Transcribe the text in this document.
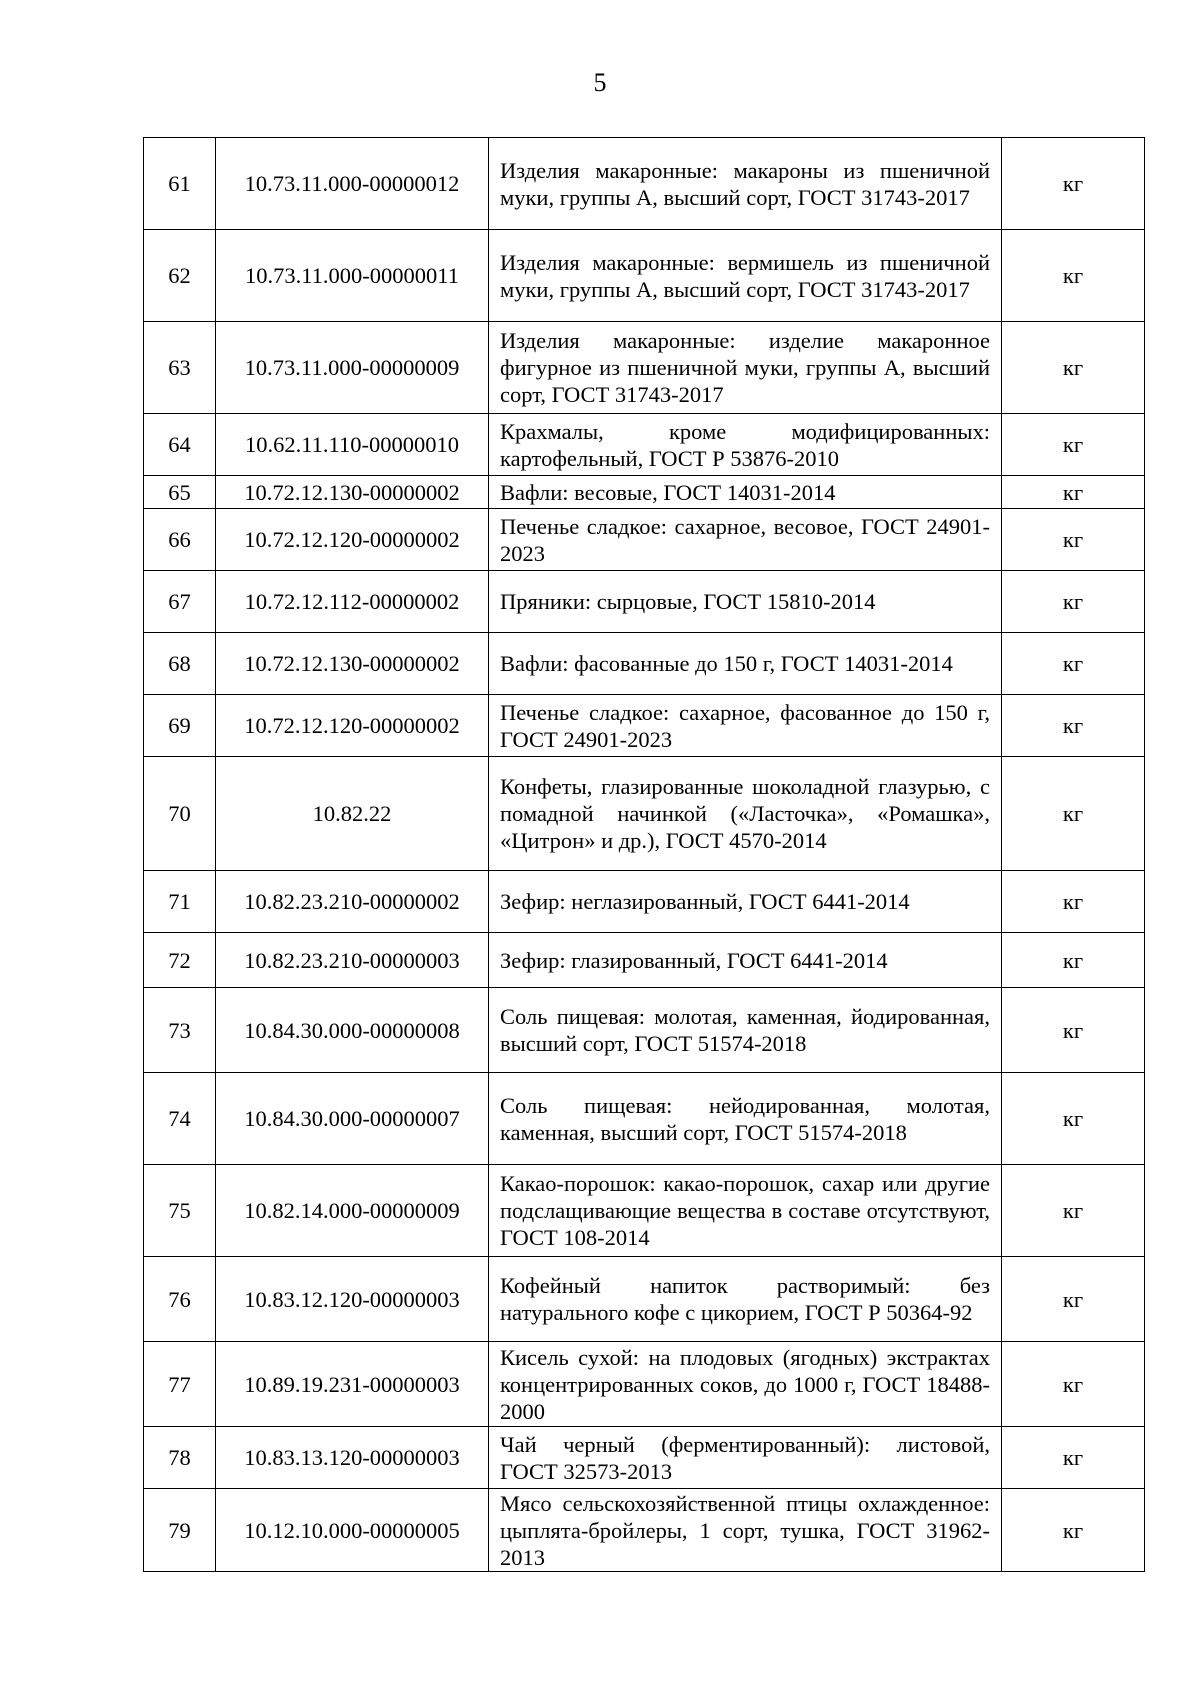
5
61	10.73.11.000-00000012	Изделия макаронные: макароны из пшеничной муки, группы А, высший сорт, ГОСТ 31743-2017	кг
62	10.73.11.000-00000011	Изделия макаронные: вермишель из пшеничной муки, группы А, высший сорт, ГОСТ 31743-2017	кг
63	10.73.11.000-00000009	Изделия макаронные: изделие макаронное фигурное из пшеничной муки, группы А, высший сорт, ГОСТ 31743-2017	кг
64	10.62.11.110-00000010	Крахмалы, кроме модифицированных: картофельный, ГОСТ Р 53876-2010	кг
65	10.72.12.130-00000002	Вафли: весовые, ГОСТ 14031-2014	кг
66	10.72.12.120-00000002	Печенье сладкое: сахарное, весовое, ГОСТ 24901-2023	кг
67	10.72.12.112-00000002	Пряники: сырцовые, ГОСТ 15810-2014	кг
68	10.72.12.130-00000002	Вафли: фасованные до 150 г, ГОСТ 14031-2014	кг
69	10.72.12.120-00000002	Печенье сладкое: сахарное, фасованное до 150 г, ГОСТ 24901-2023	кг
70	10.82.22	Конфеты, глазированные шоколадной глазурью, с помадной начинкой («Ласточка», «Ромашка», «Цитрон» и др.), ГОСТ 4570-2014	кг
71	10.82.23.210-00000002	Зефир: неглазированный, ГОСТ 6441-2014	кг
72	10.82.23.210-00000003	Зефир: глазированный, ГОСТ 6441-2014	кг
73	10.84.30.000-00000008	Соль пищевая: молотая, каменная, йодированная, высший сорт, ГОСТ 51574-2018	кг
74	10.84.30.000-00000007	Соль пищевая: нейодированная, молотая, каменная, высший сорт, ГОСТ 51574-2018	кг
75	10.82.14.000-00000009	Какао-порошок: какао-порошок, сахар или другие подслащивающие вещества в составе отсутствуют, ГОСТ 108-2014	кг
76	10.83.12.120-00000003	Кофейный напиток растворимый: без натурального кофе с цикорием, ГОСТ Р 50364-92	кг
77	10.89.19.231-00000003	Кисель сухой: на плодовых (ягодных) экстрактах концентрированных соков, до 1000 г, ГОСТ 18488-2000	кг
78	10.83.13.120-00000003	Чай черный (ферментированный): листовой, ГОСТ 32573-2013	кг
79	10.12.10.000-00000005	Мясо сельскохозяйственной птицы охлажденное: цыплята-бройлеры, 1 сорт, тушка, ГОСТ 31962-2013	кг
